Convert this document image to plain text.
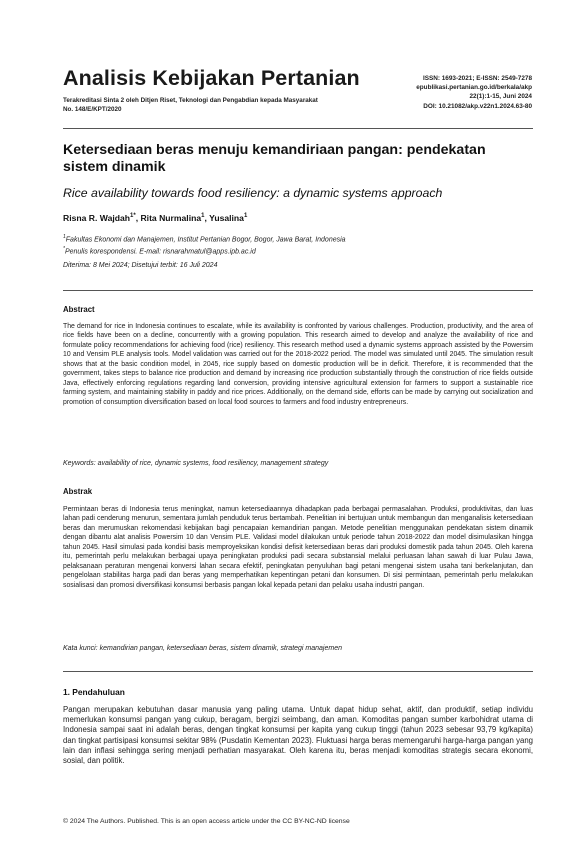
Analisis Kebijakan Pertanian
Terakreditasi Sinta 2 oleh Ditjen Riset, Teknologi dan Pengabdian kepada Masyarakat No. 148/E/KPT/2020
ISSN: 1693-2021; E-ISSN: 2549-7278
epublikasi.pertanian.go.id/berkala/akp
22(1):1-15, Juni 2024
DOI: 10.21082/akp.v22n1.2024.63-80
Ketersediaan beras menuju kemandiriaan pangan: pendekatan sistem dinamik
Rice availability towards food resiliency: a dynamic systems approach
Risna R. Wajdah$^{1*}$, Rita Nurmalina$^1$, Yusalina$^1$
$^1$Fakultas Ekonomi dan Manajemen, Institut Pertanian Bogor, Bogor, Jawa Barat, Indonesia
*Penulis korespondensi. E-mail: risnarahmatul@apps.ipb.ac.id
Diterima: 8 Mei 2024; Disetujui terbit: 16 Juli 2024
Abstract
The demand for rice in Indonesia continues to escalate, while its availability is confronted by various challenges. Production, productivity, and the area of rice fields have been on a decline, concurrently with a growing population. This research aimed to develop and analyze the availability of rice and formulate policy recommendations for achieving food (rice) resiliency. This research method used a dynamic systems approach assisted by the Powersim 10 and Vensim PLE analysis tools. Model validation was carried out for the 2018-2022 period. The model was simulated until 2045. The simulation result shows that at the basic condition model, in 2045, rice supply based on domestic production will be in deficit. Therefore, it is recommended that the government, takes steps to balance rice production and demand by increasing rice production substantially through the construction of rice fields outside Java, effectively enforcing regulations regarding land conversion, providing intensive agricultural extension for farmers to support a sustainable rice farming system, and maintaining stability in paddy and rice prices. Additionally, on the demand side, efforts can be made by carrying out socialization and promotion of consumption diversification based on local food sources to farmers and food industry entrepreneurs.
Keywords: availability of rice, dynamic systems, food resiliency, management strategy
Abstrak
Permintaan beras di Indonesia terus meningkat, namun ketersediaannya dihadapkan pada berbagai permasalahan. Produksi, produktivitas, dan luas lahan padi cenderung menurun, sementara jumlah penduduk terus bertambah. Penelitian ini bertujuan untuk membangun dan menganalisis ketersediaan beras dan merumuskan rekomendasi kebijakan bagi pencapaian kemandirian pangan. Metode penelitian menggunakan pendekatan sistem dinamik dengan dibantu alat analisis Powersim 10 dan Vensim PLE. Validasi model dilakukan untuk periode tahun 2018-2022 dan model disimulasikan hingga tahun 2045. Hasil simulasi pada kondisi basis memproyeksikan kondisi defisit ketersediaan beras dari produksi domestik pada tahun 2045. Oleh karena itu, pemerintah perlu melakukan berbagai upaya peningkatan produksi padi secara substansial melalui perluasan lahan sawah di luar Pulau Jawa, pelaksanaan peraturan mengenai konversi lahan secara efektif, peningkatan penyuluhan bagi petani mengenai sistem usaha tani berkelanjutan, dan pengelolaan stabilitas harga padi dan beras yang memperhatikan kepentingan petani dan konsumen. Di sisi permintaan, pemerintah perlu melakukan sosialisasi dan promosi diversifikasi konsumsi berbasis pangan lokal kepada petani dan pelaku usaha industri pangan.
Kata kunci: kemandirian pangan, ketersediaan beras, sistem dinamik, strategi manajemen
1. Pendahuluan
Pangan merupakan kebutuhan dasar manusia yang paling utama. Untuk dapat hidup sehat, aktif, dan produktif, setiap individu memerlukan konsumsi pangan yang cukup, beragam, bergizi seimbang, dan aman. Komoditas pangan sumber karbohidrat utama di Indonesia sampai saat ini adalah beras, dengan tingkat konsumsi per kapita yang cukup tinggi (tahun 2023 sebesar 93,79 kg/kapita) dan tingkat partisipasi konsumsi sekitar 98% (Pusdatin Kementan 2023). Fluktuasi harga beras memengaruhi harga-harga pangan yang lain dan inflasi sehingga sering menjadi perhatian masyarakat. Oleh karena itu, beras menjadi komoditas strategis secara ekonomi, sosial, dan politik.
© 2024 The Authors. Published. This is an open access article under the CC BY-NC-ND license
